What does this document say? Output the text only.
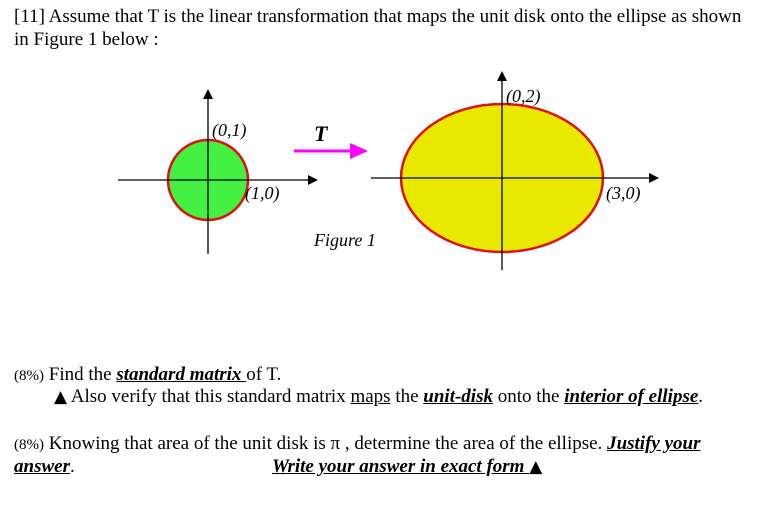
[11] Assume that T is the linear transformation that maps the unit disk onto the ellipse as shown
in Figure 1 below :
(0,1)
(1,0)
T
(0,2)
(3,0)
Figure 1
(8%) Find the standard matrix of T.
▲ Also verify that this standard matrix maps the unit-disk onto the interior of ellipse.
(8%) Knowing that area of the unit disk is π , determine the area of the ellipse. Justify your
answer.	Write your answer in exact form ▲
